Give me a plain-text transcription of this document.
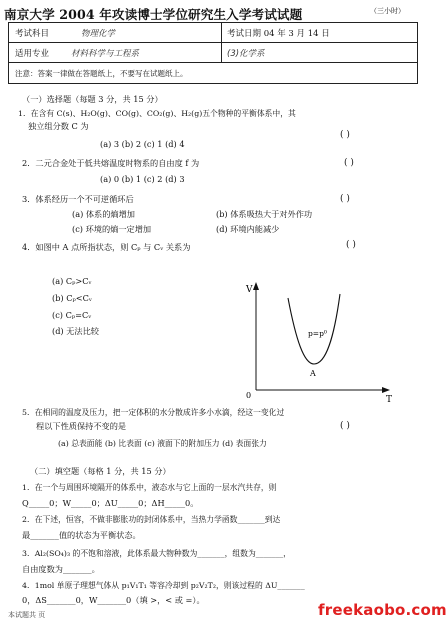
南京大学 2004 年攻读博士学位研究生入学考试试题	（三小时）
考试科目	物理化学	考试日期 04 年 3 月 14 日
适用专业	材料科学与工程系	(3)化学系
注意：答案一律做在答题纸上，不要写在试题纸上。
（一）选择题（每题 3 分，共 15 分）
1．在含有 C(s)、H₂O(g)、CO(g)、CO₂(g)、H₂(g)五个物种的平衡体系中，其
独立组分数 C 为
( )
(a) 3 (b) 2 (c) 1 (d) 4
2．二元合金处于低共熔温度时物系的自由度 f 为	( )
(a) 0 (b) 1 (c) 2 (d) 3
3．体系经历一个不可逆循环后	( )
(a) 体系的熵增加	(b) 体系吸热大于对外作功
(c) 环境的熵一定增加	(d) 环境内能减少
4．如图中 A 点所指状态，则 Cₚ 与 Cᵥ 关系为	( )
(a) Cₚ>Cᵥ
(b) Cₚ<Cᵥ
(c) Cₚ=Cᵥ
(d) 无法比较
V
T
0
p=p⁰
A
5．在相同的温度及压力，把一定体积的水分散成许多小水滴，经这一变化过
程以下性质保持不变的是	( )
(a) 总表面能 (b) 比表面 (c) 液面下的附加压力 (d) 表面张力
（二）填空题（每格 1 分，共 15 分）
1．在一个与周围环境隔开的体系中，液态水与它上面的一层水汽共存，则
Q_____0；W_____0；ΔU_____0；ΔH_____0。
2．在下述，恒容，不做非膨胀功的封闭体系中，当热力学函数_______到达
最_______值的状态为平衡状态。
3．Al₂(SO₄)₃ 的不饱和溶液，此体系最大物种数为_______，组数为_______，
自由度数为_______。
4．1mol 单原子理想气体从 p₁V₁T₁ 等容冷却到 p₂V₂T₂，则该过程的 ΔU_______
0，ΔS_______0，W_______0（填 >，< 或 =）。
freekaobo.com
本试题共 页
